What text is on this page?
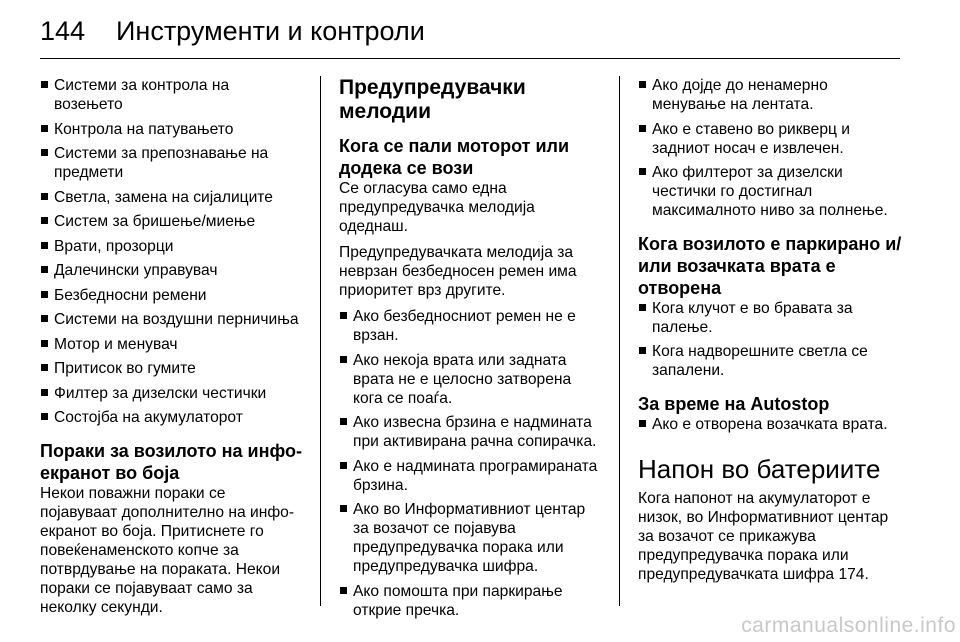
144 Инструменти и контроли
Системи за контрола на возењето
Контрола на патувањето
Системи за препознавање на предмети
Светла, замена на сијалиците
Систем за бришење/миење
Врати, прозорци
Далечински управувач
Безбедносни ремени
Системи на воздушни перничиња
Мотор и менувач
Притисок во гумите
Филтер за дизелски честички
Состојба на акумулаторот
Пораки за возилото на инфо-екранот во боја

Некои поважни пораки се појавуваат дополнително на инфо-екранот во боја. Притиснете го повеќенаменското копче за потврдување на пораката. Некои пораки се појавуваат само за неколку секунди.

Предупредувачки мелодии
Кога се пали моторот или додека се вози

Се огласува само една предупредувачка мелодија одеднаш.

Предупредувачката мелодија за неврзан безбедносен ремен има приоритет врз другите.

Ако безбедносниот ремен не е врзан.
Ако некоја врата или задната врата не е целосно затворена кога се поаѓа.
Ако извесна брзина е надмината при активирана рачна сопирачка.
Ако е надмината програмираната брзина.
Ако во Информативниот центар за возачот се појавува предупредувачка порака или предупредувачка шифра.
Ако помошта при паркирање открие пречка.
Ако дојде до ненамерно менување на лентата.
Ако е ставено во рикверц и задниот носач е извлечен.
Ако филтерот за дизелски честички го достигнал максималното ниво за полнење.
Кога возилото е паркирано и/или возачката врата е отворена
Кога клучот е во бравата за палење.
Кога надворешните светла се запалени.
За време на Autostop
Ако е отворена возачката врата.
Напон во батериите

Кога напонот на акумулаторот е низок, во Информативниот центар за возачот се прикажува предупредувачка порака или предупредувачката шифра 174.

carmanualsonline.info
